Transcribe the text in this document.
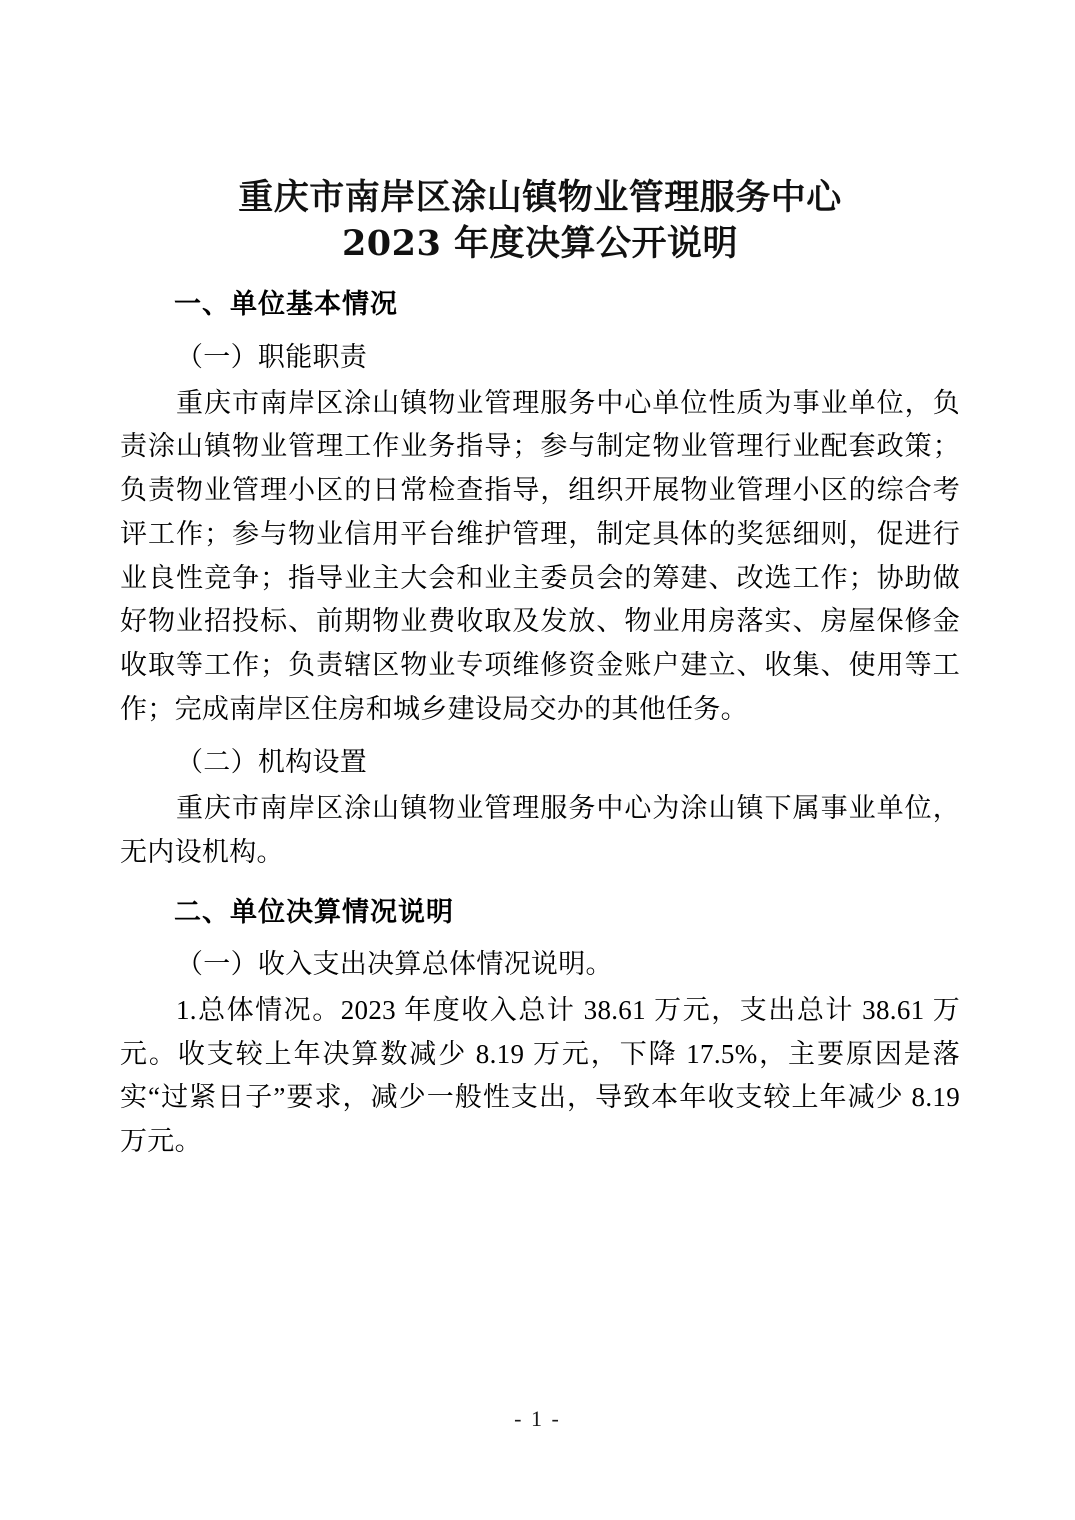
重庆市南岸区涂山镇物业管理服务中心
2023 年度决算公开说明
一、单位基本情况

（一）职能职责

重庆市南岸区涂山镇物业管理服务中心单位性质为事业单位，负责涂山镇物业管理工作业务指导；参与制定物业管理行业配套政策；负责物业管理小区的日常检查指导，组织开展物业管理小区的综合考评工作；参与物业信用平台维护管理，制定具体的奖惩细则，促进行业良性竞争；指导业主大会和业主委员会的筹建、改选工作；协助做好物业招投标、前期物业费收取及发放、物业用房落实、房屋保修金收取等工作；负责辖区物业专项维修资金账户建立、收集、使用等工作；完成南岸区住房和城乡建设局交办的其他任务。

（二）机构设置

重庆市南岸区涂山镇物业管理服务中心为涂山镇下属事业单位，无内设机构。

二、单位决算情况说明

（一）收入支出决算总体情况说明。

1.总体情况。2023 年度收入总计 38.61 万元，支出总计 38.61 万元。收支较上年决算数减少 8.19 万元，下降 17.5%，主要原因是落实“过紧日子”要求，减少一般性支出，导致本年收支较上年减少 8.19 万元。

- 1 -
